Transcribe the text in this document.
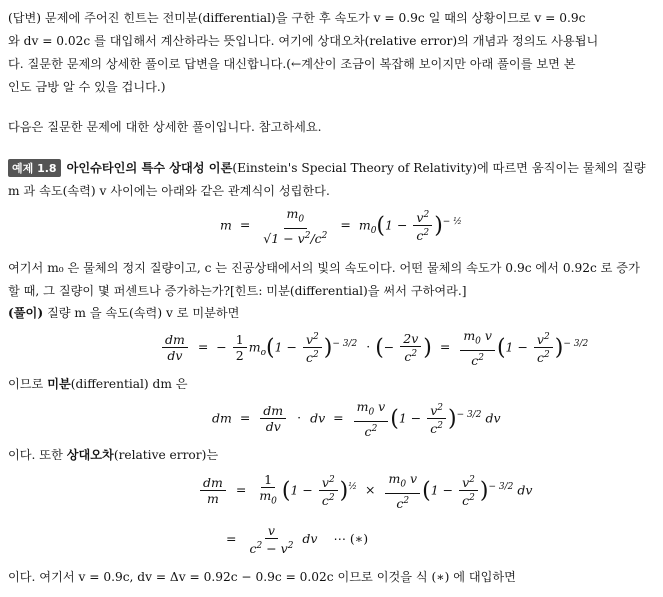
(답변) 문제에 주어진 힌트는 전미분(differential)을 구한 후 속도가 v = 0.9c 일 때의 상황이므로 v = 0.9c
와 dv = 0.02c 를 대입해서 계산하라는 뜻입니다. 여기에 상대오차(relative error)의 개념과 정의도 사용됩니
다. 질문한 문제의 상세한 풀이로 답변을 대신합니다.(←계산이 조금이 복잡해 보이지만 아래 풀이를 보면 본
인도 금방 알 수 있을 겁니다.)
다음은 질문한 문제에 대한 상세한 풀이입니다. 참고하세요.
예제 1.8 아인슈타인의 특수 상대성 이론(Einstein's Special Theory of Relativity)에 따르면 움직이는 물체의 질량
m 과 속도(속력) v 사이에는 아래와 같은 관계식이 성립한다.
$m = \frac{m_0}{√1 - v^2/c^2} = m_0(1 - \frac{v^2}{c^2} )^{- \frac{1}{2}}$
여기서 m₀ 은 물체의 정지 질량이고, c 는 진공상태에서의 빛의 속도이다. 어떤 물체의 속도가 0.9c 에서 0.92c 로 증가
할 때, 그 질량이 몇 퍼센트나 증가하는가?[힌트: 미분(differential)을 써서 구하여라.]
(풀이) 질량 m 을 속도(속력) v 로 미분하면
$\frac{dm}{dv}$ = − $\frac{1}{2} m_o(1 - \frac{v^2}{c^2} )^{- 3/2}$ · (− $\frac{2v}{c^2}$ ) = $\frac{m_0 v}{c^2} (1 - \frac{v^2}{c^2} )^{- 3/2}$
이므로 미분(differential) dm 은
dm = $\frac{dm}{dv}$ · dv = $\frac{m_0 v}{c^2} (1 - \frac{v^2}{c^2} )^{- 3/2}$ dv
이다. 또한 상대오차(relative error)는
$\frac{dm}{m} = \frac{1}{m_0} (1 - \frac{v^2}{c^2} )^{\frac{1}{2}} \times \frac{m_0 v}{c^2} (1 - \frac{v^2}{c^2} )^{- 3/2}$ dv
= $\frac{v}{c^2 - v^2}$ dv ⋯ (∗)
이다. 여기서 v = 0.9c, dv = Δv = 0.92c − 0.9c = 0.02c 이므로 이것을 식 (∗) 에 대입하면
